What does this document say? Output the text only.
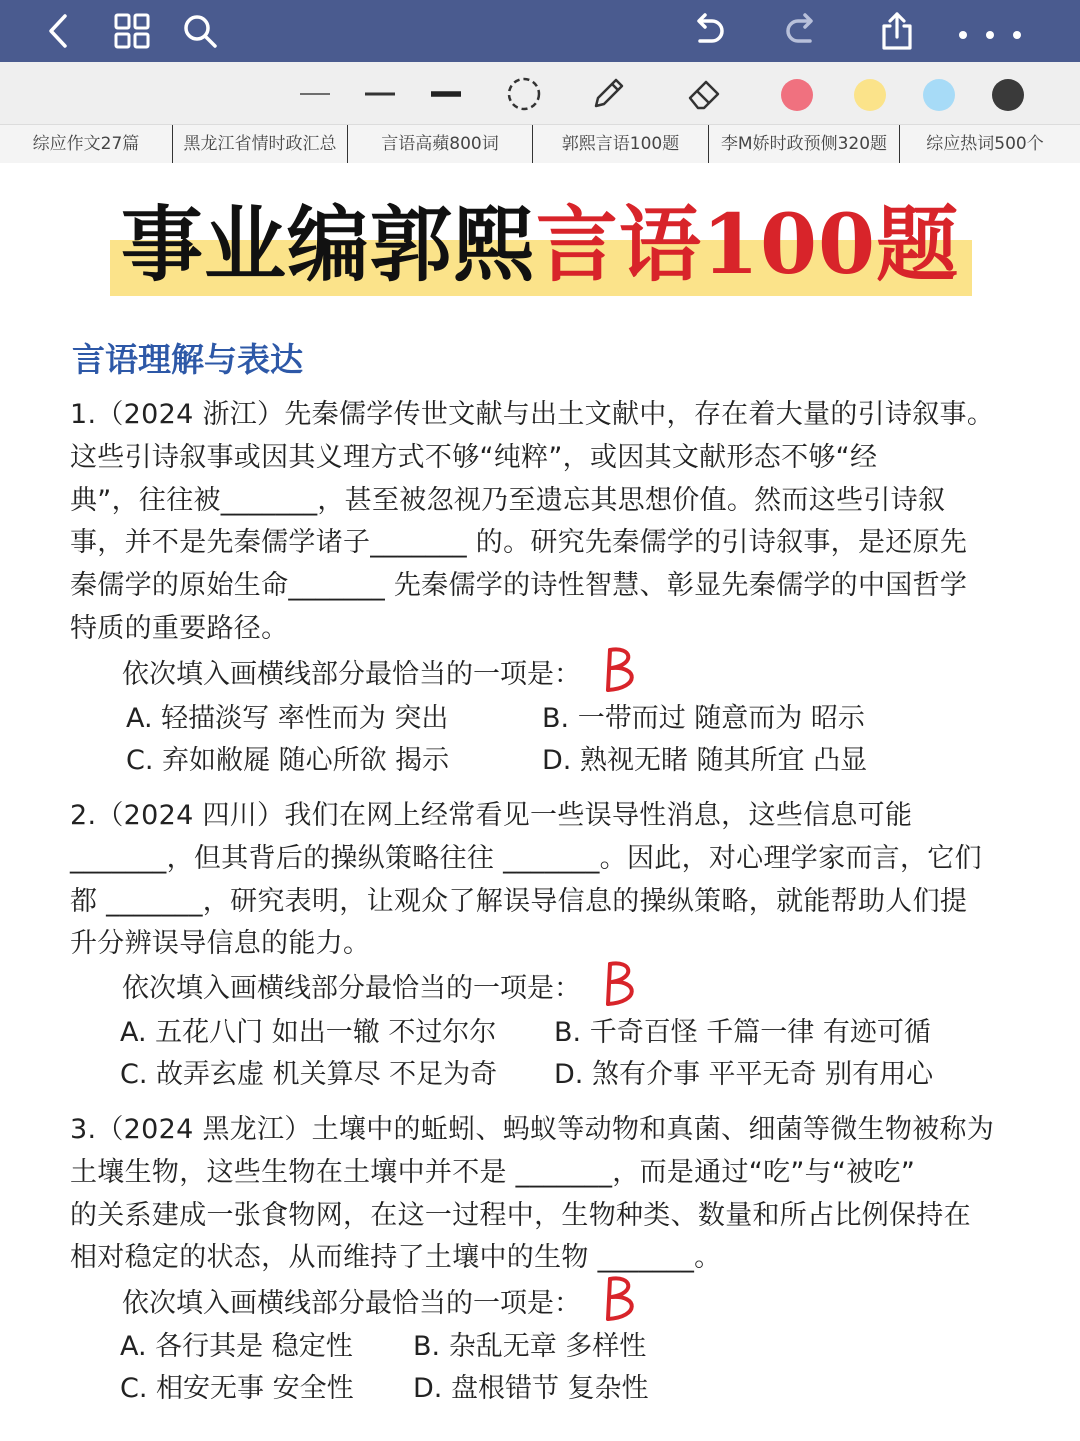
综应作文27篇	黑龙江省情时政汇总	言语高蘋800词	郭熙言语100题	李M娇时政预侧320题	综应热词500个
事业编郭熙言语100题
言语理解与表达
1.（2024 浙江）先秦儒学传世文献与出土文献中，存在着大量的引诗叙事。
这些引诗叙事或因其义理方式不够“纯粹”，或因其文献形态不够“经
典”，往往被_______，甚至被忽视乃至遗忘其思想价值。然而这些引诗叙
事，并不是先秦儒学诸子_______ 的。研究先秦儒学的引诗叙事，是还原先
秦儒学的原始生命_______ 先秦儒学的诗性智慧、彰显先秦儒学的中国哲学
特质的重要路径。
依次填入画横线部分最恰当的一项是：
A. 轻描淡写 率性而为 突出	B. 一带而过 随意而为 昭示
C. 弃如敝屣 随心所欲 揭示	D. 熟视无睹 随其所宜 凸显
2.（2024 四川）我们在网上经常看见一些误导性消息，这些信息可能
_______，但其背后的操纵策略往往 _______。因此，对心理学家而言，它们
都 _______，研究表明，让观众了解误导信息的操纵策略，就能帮助人们提
升分辨误导信息的能力。
依次填入画横线部分最恰当的一项是：
A. 五花八门 如出一辙 不过尔尔 B. 千奇百怪 千篇一律 有迹可循
C. 故弄玄虚 机关算尽 不足为奇 D. 煞有介事 平平无奇 别有用心
3.（2024 黑龙江）土壤中的蚯蚓、蚂蚁等动物和真菌、细菌等微生物被称为
土壤生物，这些生物在土壤中并不是 _______，而是通过“吃”与“被吃”
的关系建成一张食物网，在这一过程中，生物种类、数量和所占比例保持在
相对稳定的状态，从而维持了土壤中的生物 _______。
依次填入画横线部分最恰当的一项是：
A. 各行其是 稳定性 B. 杂乱无章 多样性
C. 相安无事 安全性 D. 盘根错节 复杂性
